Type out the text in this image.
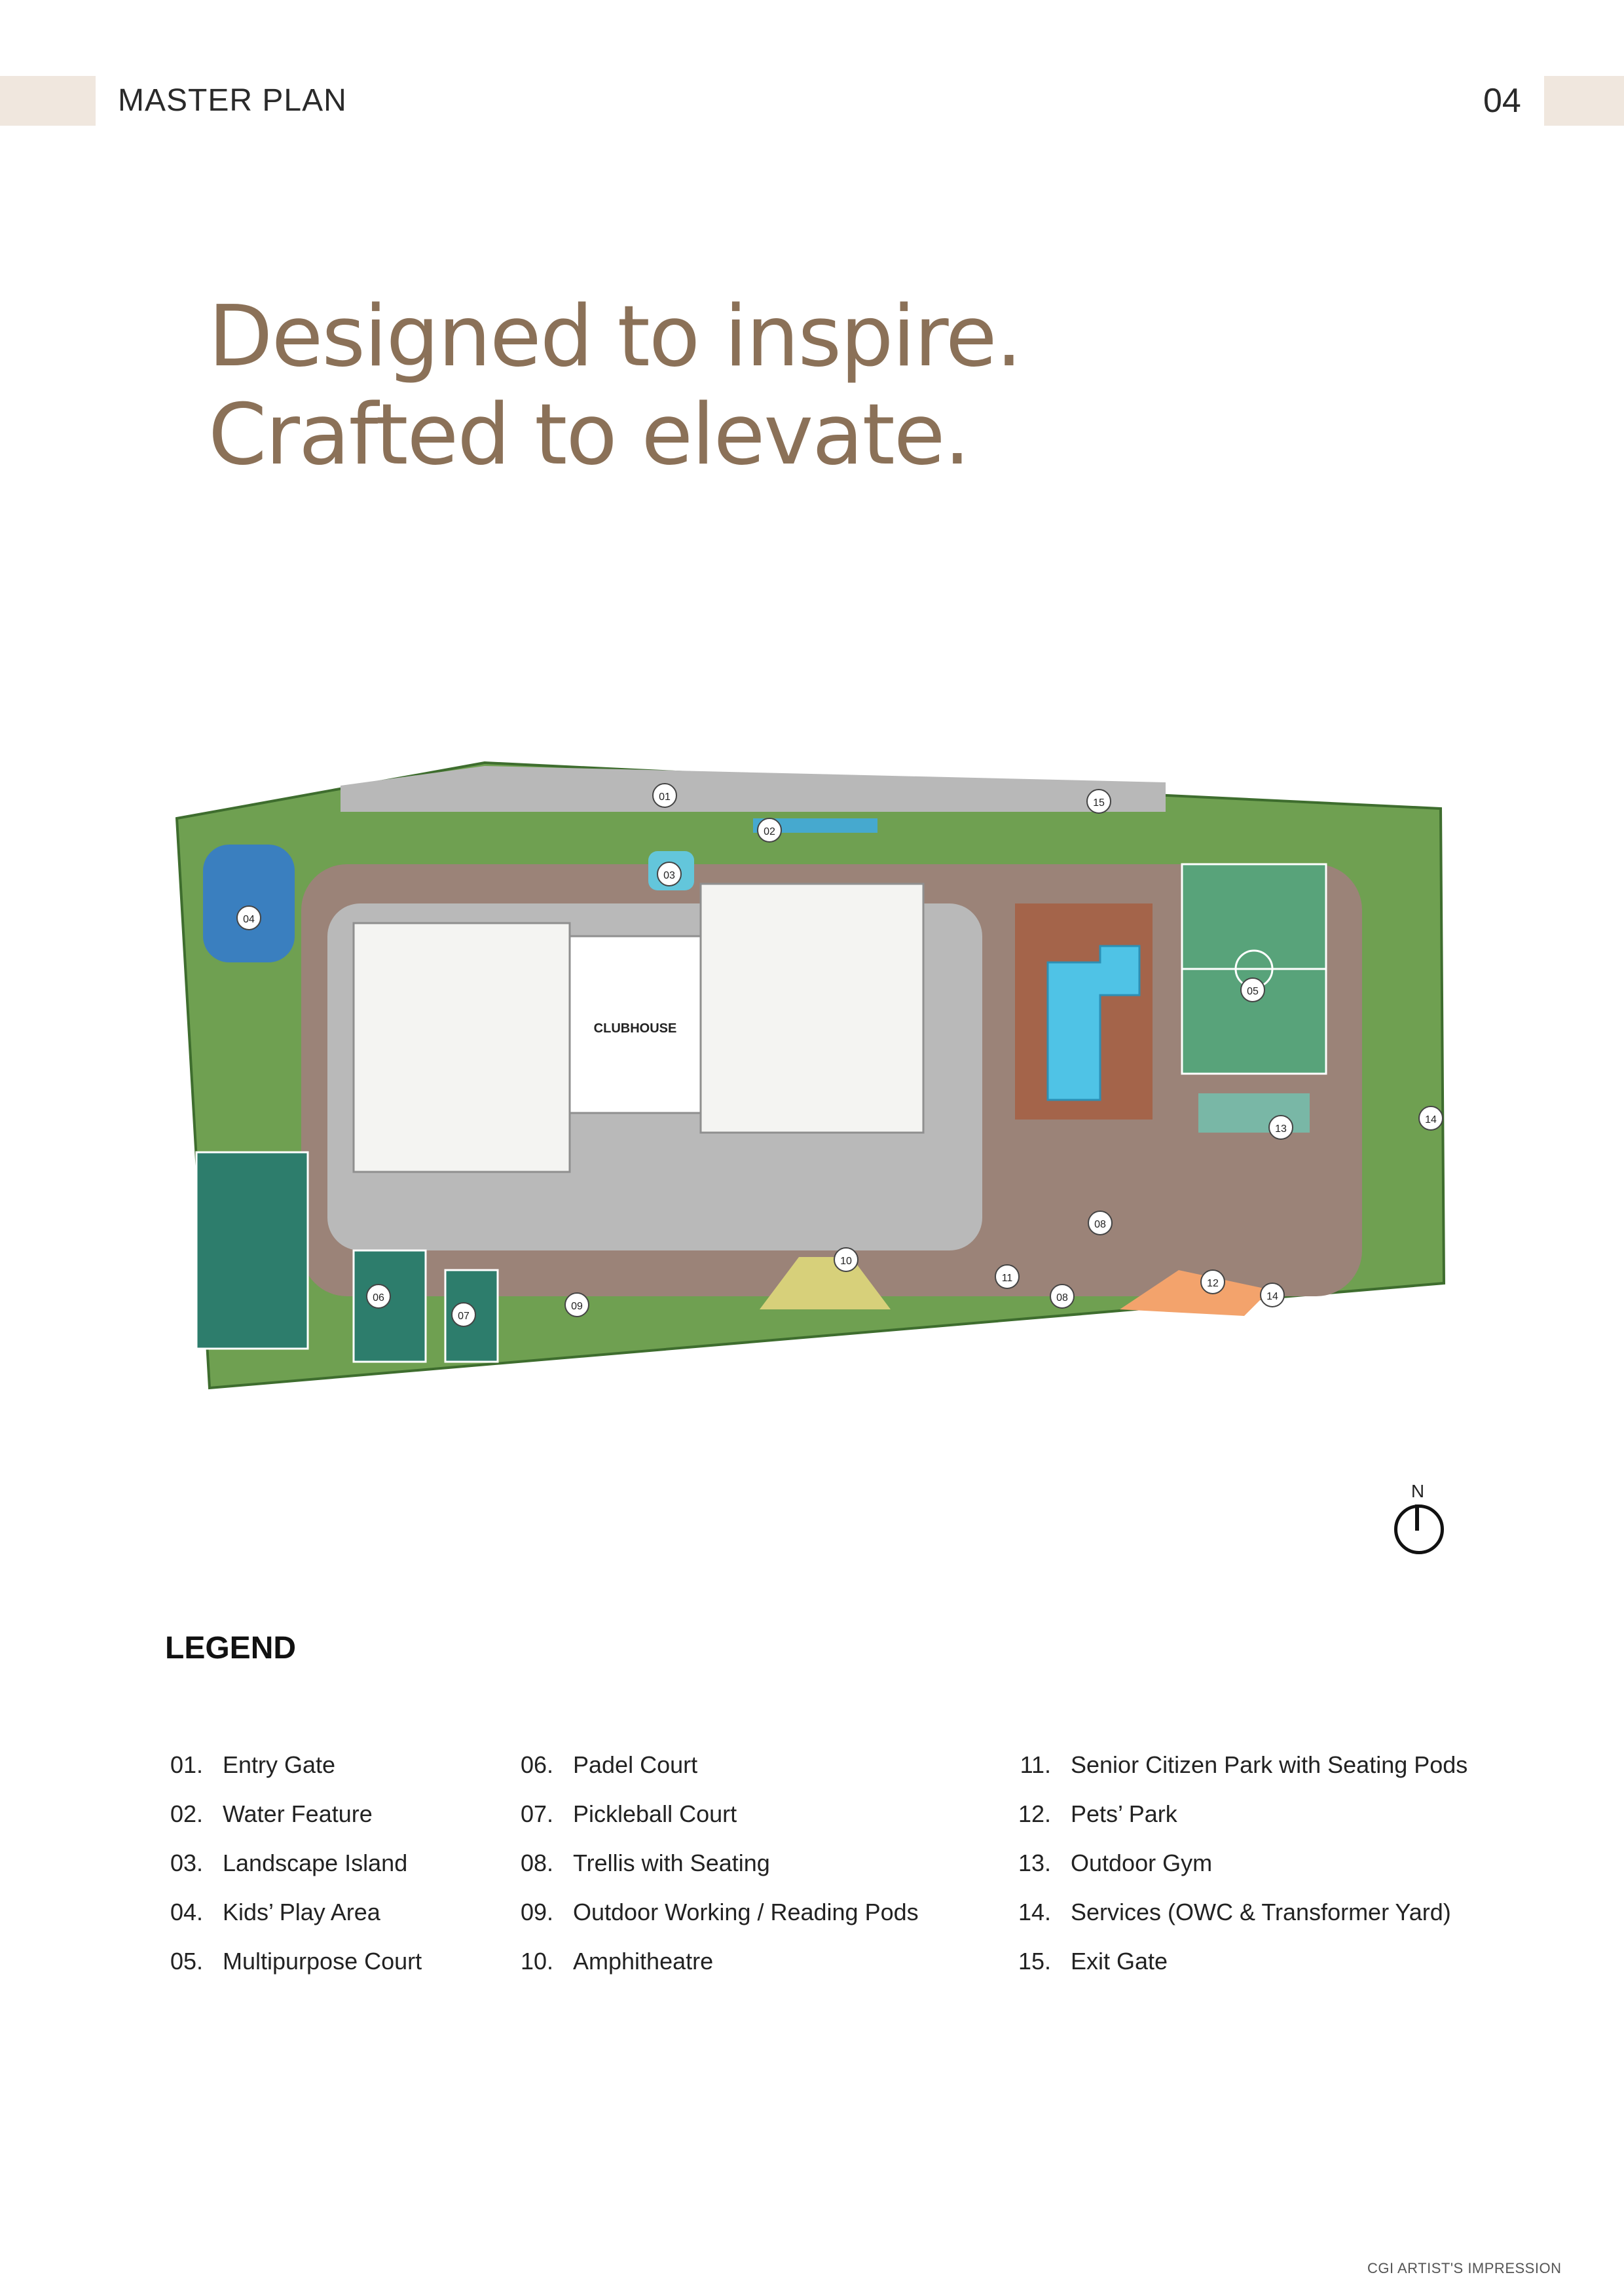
MASTER PLAN	04
Designed to inspire.
Crafted to elevate.
CLUBHOUSE
01
02
03
04
05
06
07
08
08
09
10
11	12
13
14
14
15
N
LEGEND
01. Entry Gate
02. Water Feature
03. Landscape Island
04. Kids’ Play Area
05. Multipurpose Court
06. Padel Court
07. Pickleball Court
08. Trellis with Seating
09. Outdoor Working / Reading Pods
10. Amphitheatre
11. Senior Citizen Park with Seating Pods
12. Pets’ Park
13. Outdoor Gym
14. Services (OWC & Transformer Yard)
15. Exit Gate
CGI ARTIST'S IMPRESSION
